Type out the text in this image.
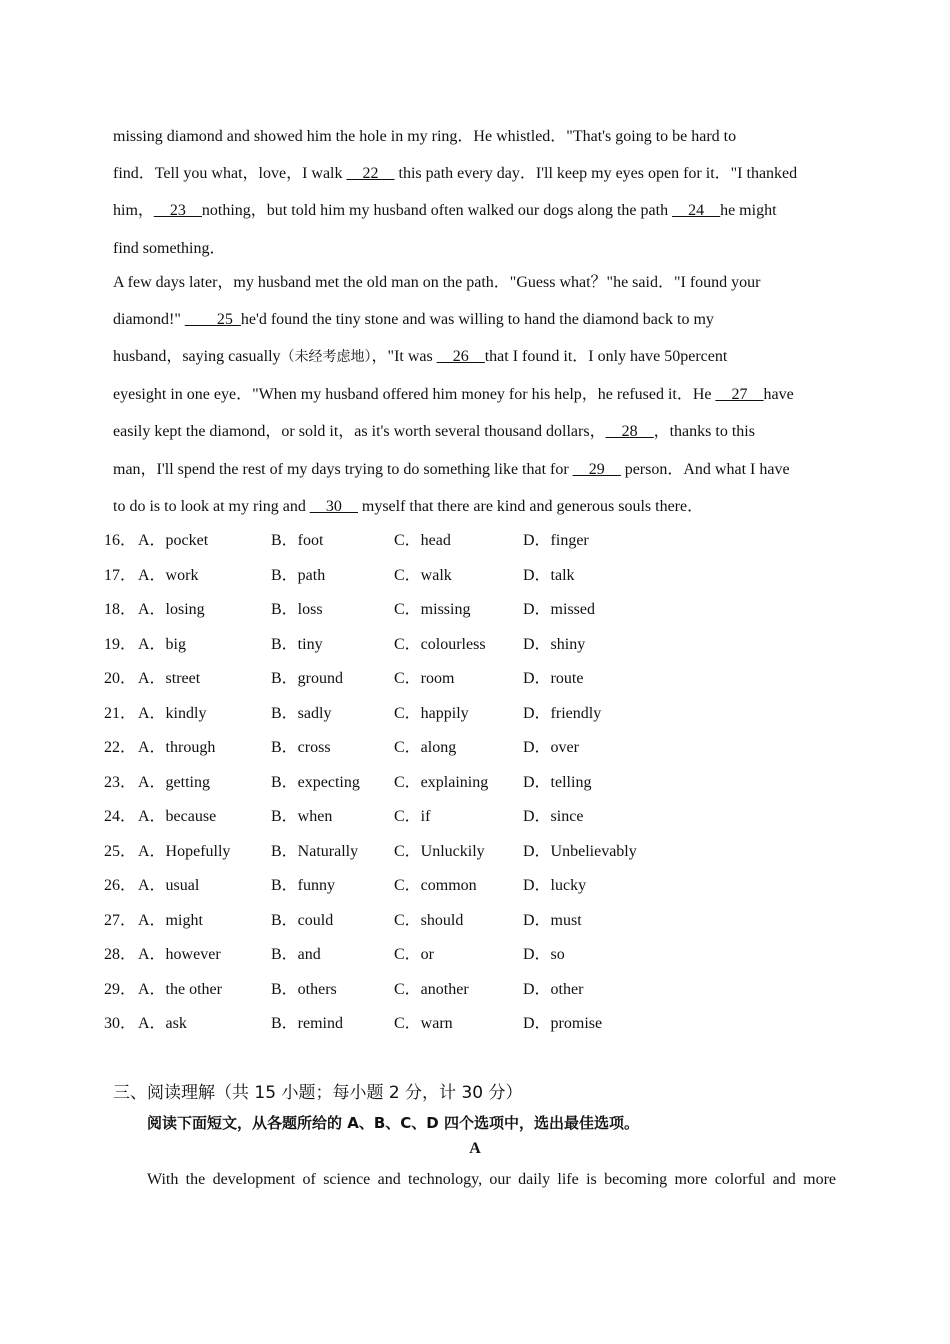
missing diamond and showed him the hole in my ring．He whistled．"That's going to be hard to
find．Tell you what，love，I walk __22__ this path every day．I'll keep my eyes open for it．"I thanked
him，__23__nothing，but told him my husband often walked our dogs along the path __24__he might
find something．
A few days later，my husband met the old man on the path．"Guess what？"he said．"I found your
diamond!" ____25_he'd found the tiny stone and was willing to hand the diamond back to my
husband，saying casually（未经考虑地），"It was __26__that I found it．I only have 50percent
eyesight in one eye．"When my husband offered him money for his help，he refused it．He __27__have
easily kept the diamond，or sold it，as it's worth several thousand dollars，__28__，thanks to this
man，I'll spend the rest of my days trying to do something like that for __29__ person．And what I have
to do is to look at my ring and __30__ myself that there are kind and generous souls there．
16． A．pocket	B．foot	C．head	D．finger
17． A．work	B．path	C．walk	D．talk
18． A．losing	B．loss	C．missing	D．missed
19． A．big	B．tiny	C．colourless D．shiny
20． A．street	B．ground	C．room	D．route
21． A．kindly	B．sadly	C．happily	D．friendly
22． A．through	B．cross	C．along	D．over
23． A．getting	B．expecting C．explaining D．telling
24． A．because	B．when	C．if	D．since
25． A．Hopefully	B．Naturally C．Unluckily D．Unbelievably
26． A．usual	B．funny	C．common	D．lucky
27． A．might	B．could	C．should	D．must
28． A．however	B．and	C．or	D．so
29． A．the other	B．others	C．another	D．other
30． A．ask	B．remind	C．warn	D．promise
三、阅读理解（共 15 小题；每小题 2 分，计 30 分）
阅读下面短文，从各题所给的 A、B、C、D 四个选项中，选出最佳选项。
A
With the development of science and technology, our daily life is becoming more colorful and more
